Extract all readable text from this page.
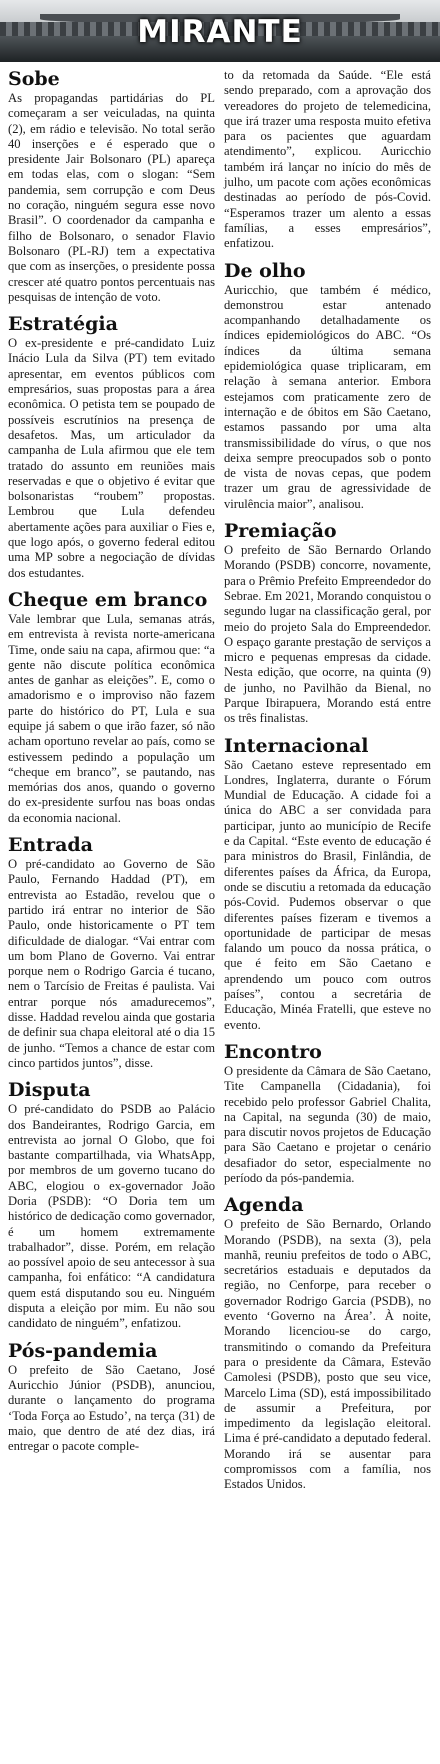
MIRANTE
Sobe

As propagandas partidárias do PL começaram a ser veiculadas, na quinta (2), em rádio e televisão. No total serão 40 inserções e é esperado que o presidente Jair Bolsonaro (PL) apareça em todas elas, com o slogan: “Sem pandemia, sem corrupção e com Deus no coração, ninguém segura esse novo Brasil”. O coordenador da campanha e filho de Bolsonaro, o senador Flavio Bolsonaro (PL-RJ) tem a expectativa que com as inserções, o presidente possa crescer até quatro pontos percentuais nas pesquisas de intenção de voto.

Estratégia

O ex-presidente e pré-candidato Luiz Inácio Lula da Silva (PT) tem evitado apresentar, em eventos públicos com empresários, suas propostas para a área econômica. O petista tem se poupado de possíveis escrutínios na presença de desafetos. Mas, um articulador da campanha de Lula afirmou que ele tem tratado do assunto em reuniões mais reservadas e que o objetivo é evitar que bolsonaristas “roubem” propostas. Lembrou que Lula defendeu abertamente ações para auxiliar o Fies e, que logo após, o governo federal editou uma MP sobre a negociação de dívidas dos estudantes.

Cheque em branco

Vale lembrar que Lula, semanas atrás, em entrevista à revista norte-americana Time, onde saiu na capa, afirmou que: “a gente não discute política econômica antes de ganhar as eleições”. E, como o amadorismo e o improviso não fazem parte do histórico do PT, Lula e sua equipe já sabem o que irão fazer, só não acham oportuno revelar ao país, como se estivessem pedindo a população um “cheque em branco”, se pautando, nas memórias dos anos, quando o governo do ex-presidente surfou nas boas ondas da economia nacional.

Entrada

O pré-candidato ao Governo de São Paulo, Fernando Haddad (PT), em entrevista ao Estadão, revelou que o partido irá entrar no interior de São Paulo, onde historicamente o PT tem dificuldade de dialogar. “Vai entrar com um bom Plano de Governo. Vai entrar porque nem o Rodrigo Garcia é tucano, nem o Tarcísio de Freitas é paulista. Vai entrar porque nós amadurecemos”, disse. Haddad revelou ainda que gostaria de definir sua chapa eleitoral até o dia 15 de junho. “Temos a chance de estar com cinco partidos juntos”, disse.

Disputa

O pré-candidato do PSDB ao Palácio dos Bandeirantes, Rodrigo Garcia, em entrevista ao jornal O Globo, que foi bastante compartilhada, via WhatsApp, por membros de um governo tucano do ABC, elogiou o ex-governador João Doria (PSDB): “O Doria tem um histórico de dedicação como governador, é um homem extremamente trabalhador”, disse. Porém, em relação ao possível apoio de seu antecessor à sua campanha, foi enfático: “A candidatura quem está disputando sou eu. Ninguém disputa a eleição por mim. Eu não sou candidato de ninguém”, enfatizou.

Pós-pandemia

O prefeito de São Caetano, José Auricchio Júnior (PSDB), anunciou, durante o lançamento do programa ‘Toda Força ao Estudo’, na terça (31) de maio, que dentro de até dez dias, irá entregar o pacote comple-

to da retomada da Saúde. “Ele está sendo preparado, com a aprovação dos vereadores do projeto de telemedicina, que irá trazer uma resposta muito efetiva para os pacientes que aguardam atendimento”, explicou. Auricchio também irá lançar no início do mês de julho, um pacote com ações econômicas destinadas ao período de pós-Covid. “Esperamos trazer um alento a essas famílias, a esses empresários”, enfatizou.

De olho

Auricchio, que também é médico, demonstrou estar antenado acompanhando detalhadamente os índices epidemiológicos do ABC. “Os índices da última semana epidemiológica quase triplicaram, em relação à semana anterior. Embora estejamos com praticamente zero de internação e de óbitos em São Caetano, estamos passando por uma alta transmissibilidade do vírus, o que nos deixa sempre preocupados sob o ponto de vista de novas cepas, que podem trazer um grau de agressividade de virulência maior”, analisou.

Premiação

O prefeito de São Bernardo Orlando Morando (PSDB) concorre, novamente, para o Prêmio Prefeito Empreendedor do Sebrae. Em 2021, Morando conquistou o segundo lugar na classificação geral, por meio do projeto Sala do Empreendedor. O espaço garante prestação de serviços a micro e pequenas empresas da cidade. Nesta edição, que ocorre, na quinta (9) de junho, no Pavilhão da Bienal, no Parque Ibirapuera, Morando está entre os três finalistas.

Internacional

São Caetano esteve representado em Londres, Inglaterra, durante o Fórum Mundial de Educação. A cidade foi a única do ABC a ser convidada para participar, junto ao município de Recife e da Capital. “Este evento de educação é para ministros do Brasil, Finlândia, de diferentes países da África, da Europa, onde se discutiu a retomada da educação pós-Covid. Pudemos observar o que diferentes países fizeram e tivemos a oportunidade de participar de mesas falando um pouco da nossa prática, o que é feito em São Caetano e aprendendo um pouco com outros países”, contou a secretária de Educação, Minéa Fratelli, que esteve no evento.

Encontro

O presidente da Câmara de São Caetano, Tite Campanella (Cidadania), foi recebido pelo professor Gabriel Chalita, na Capital, na segunda (30) de maio, para discutir novos projetos de Educação para São Caetano e projetar o cenário desafiador do setor, especialmente no período da pós-pandemia.

Agenda

O prefeito de São Bernardo, Orlando Morando (PSDB), na sexta (3), pela manhã, reuniu prefeitos de todo o ABC, secretários estaduais e deputados da região, no Cenforpe, para receber o governador Rodrigo Garcia (PSDB), no evento ‘Governo na Área’. À noite, Morando licenciou-se do cargo, transmitindo o comando da Prefeitura para o presidente da Câmara, Estevão Camolesi (PSDB), posto que seu vice, Marcelo Lima (SD), está impossibilitado de assumir a Prefeitura, por impedimento da legislação eleitoral. Lima é pré-candidato a deputado federal. Morando irá se ausentar para compromissos com a família, nos Estados Unidos.
